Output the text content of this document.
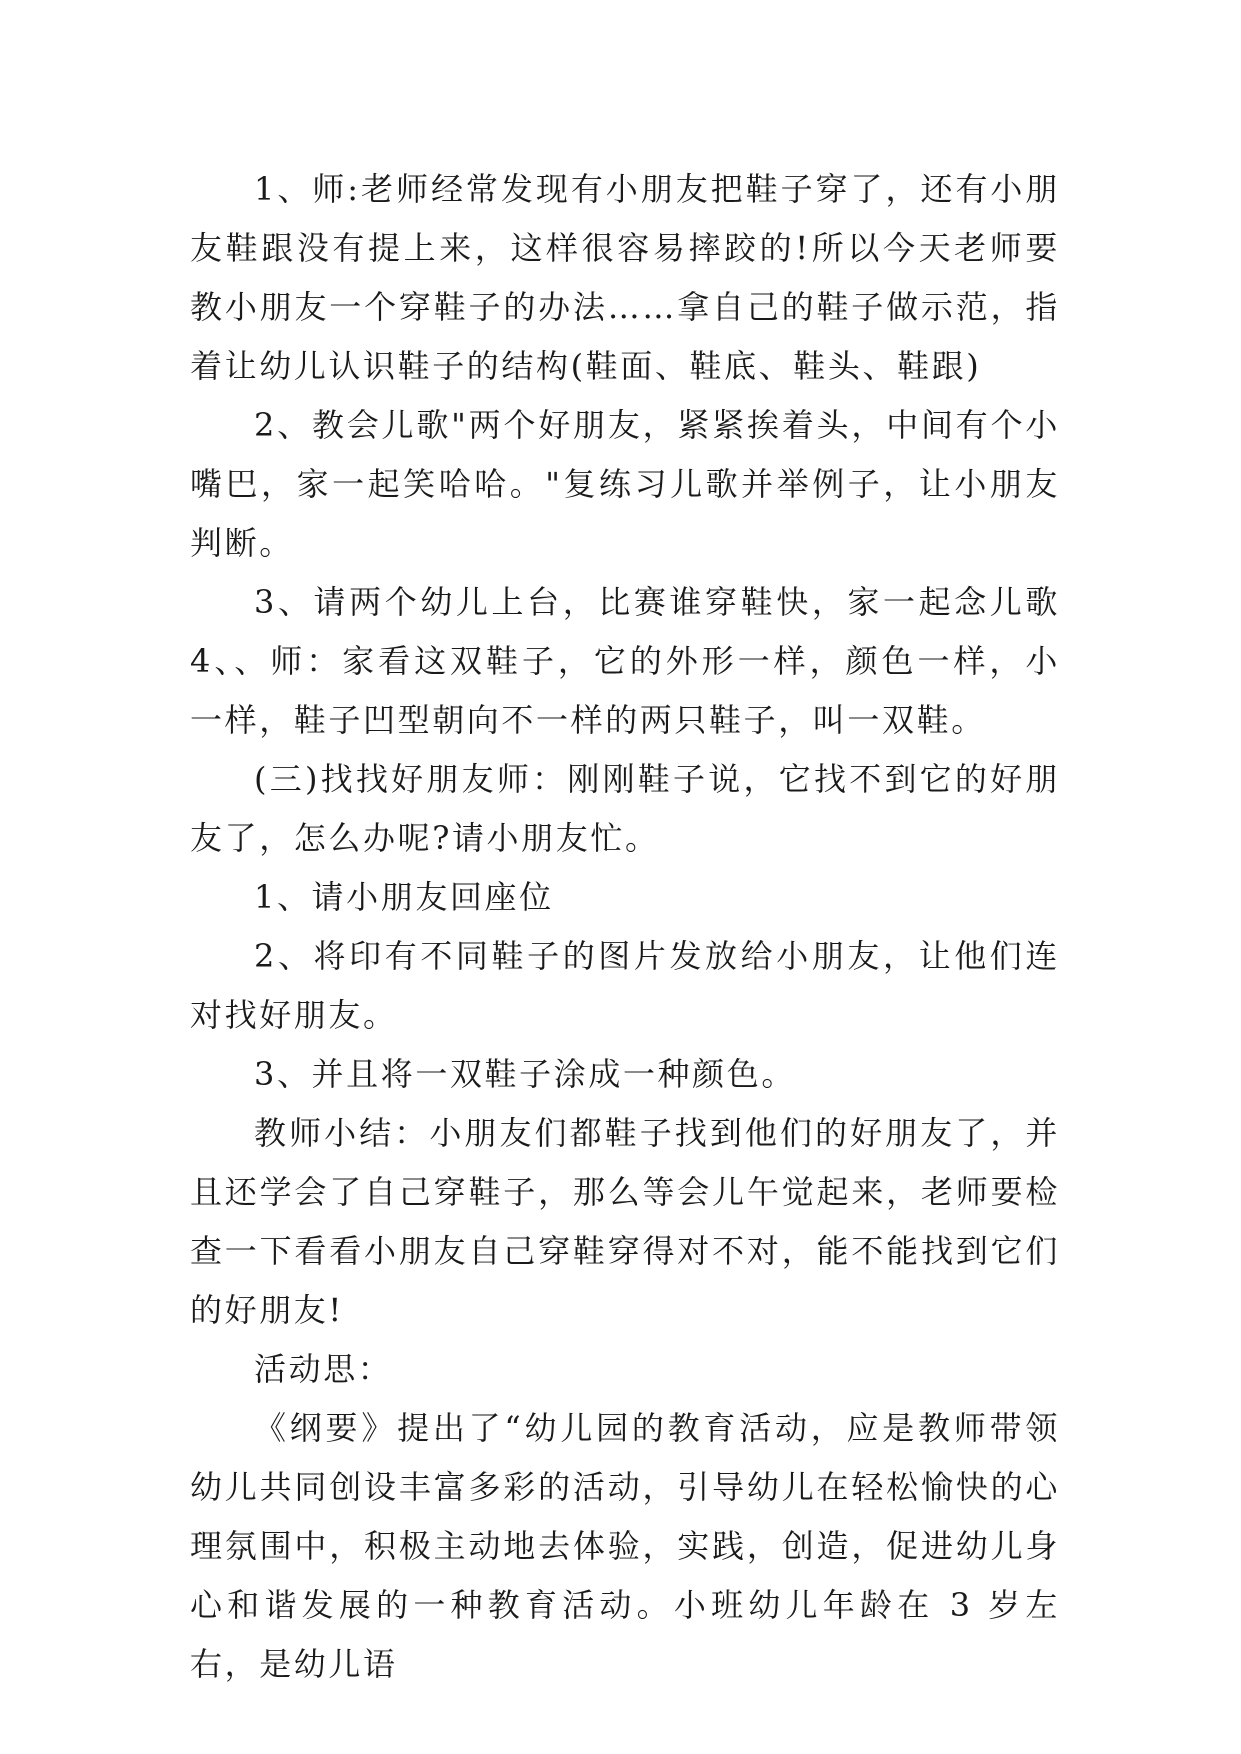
1、师:老师经常发现有小朋友把鞋子穿了，还有小朋友鞋跟没有提上来，这样很容易摔跤的!所以今天老师要教小朋友一个穿鞋子的办法……拿自己的鞋子做示范，指着让幼儿认识鞋子的结构(鞋面、鞋底、鞋头、鞋跟)

2、教会儿歌"两个好朋友，紧紧挨着头，中间有个小嘴巴，家一起笑哈哈。"复练习儿歌并举例子，让小朋友判断。

3、请两个幼儿上台，比赛谁穿鞋快，家一起念儿歌 4、、师：家看这双鞋子，它的外形一样，颜色一样，小一样，鞋子凹型朝向不一样的两只鞋子，叫一双鞋。

(三)找找好朋友师：刚刚鞋子说，它找不到它的好朋友了，怎么办呢?请小朋友忙。

1、请小朋友回座位

2、将印有不同鞋子的图片发放给小朋友，让他们连对找好朋友。

3、并且将一双鞋子涂成一种颜色。

教师小结：小朋友们都鞋子找到他们的好朋友了，并且还学会了自己穿鞋子，那么等会儿午觉起来，老师要检查一下看看小朋友自己穿鞋穿得对不对，能不能找到它们的好朋友!

活动思：

《纲要》提出了“幼儿园的教育活动，应是教师带领幼儿共同创设丰富多彩的活动，引导幼儿在轻松愉快的心理氛围中，积极主动地去体验，实践，创造，促进幼儿身心和谐发展的一种教育活动。小班幼儿年龄在 3 岁左右，是幼儿语
